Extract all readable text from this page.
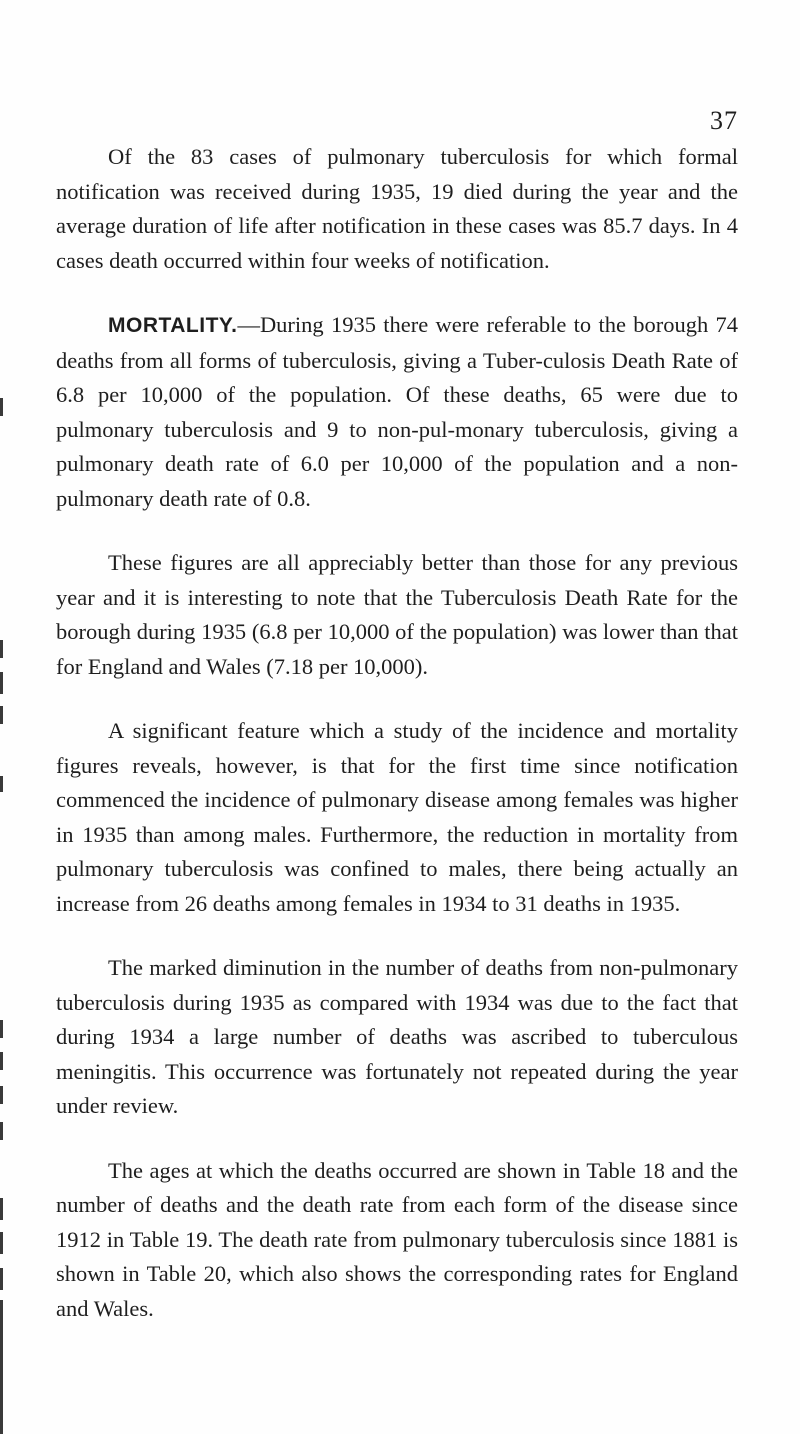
37

Of the 83 cases of pulmonary tuberculosis for which formal notification was received during 1935, 19 died during the year and the average duration of life after notification in these cases was 85.7 days. In 4 cases death occurred within four weeks of notification.

MORTALITY.—During 1935 there were referable to the borough 74 deaths from all forms of tuberculosis, giving a Tuber-culosis Death Rate of 6.8 per 10,000 of the population. Of these deaths, 65 were due to pulmonary tuberculosis and 9 to non-pul-monary tuberculosis, giving a pulmonary death rate of 6.0 per 10,000 of the population and a non-pulmonary death rate of 0.8.

These figures are all appreciably better than those for any previous year and it is interesting to note that the Tuberculosis Death Rate for the borough during 1935 (6.8 per 10,000 of the population) was lower than that for England and Wales (7.18 per 10,000).

A significant feature which a study of the incidence and mortality figures reveals, however, is that for the first time since notification commenced the incidence of pulmonary disease among females was higher in 1935 than among males. Furthermore, the reduction in mortality from pulmonary tuberculosis was confined to males, there being actually an increase from 26 deaths among females in 1934 to 31 deaths in 1935.

The marked diminution in the number of deaths from non-pulmonary tuberculosis during 1935 as compared with 1934 was due to the fact that during 1934 a large number of deaths was ascribed to tuberculous meningitis. This occurrence was fortunately not repeated during the year under review.

The ages at which the deaths occurred are shown in Table 18 and the number of deaths and the death rate from each form of the disease since 1912 in Table 19. The death rate from pulmonary tuberculosis since 1881 is shown in Table 20, which also shows the corresponding rates for England and Wales.
